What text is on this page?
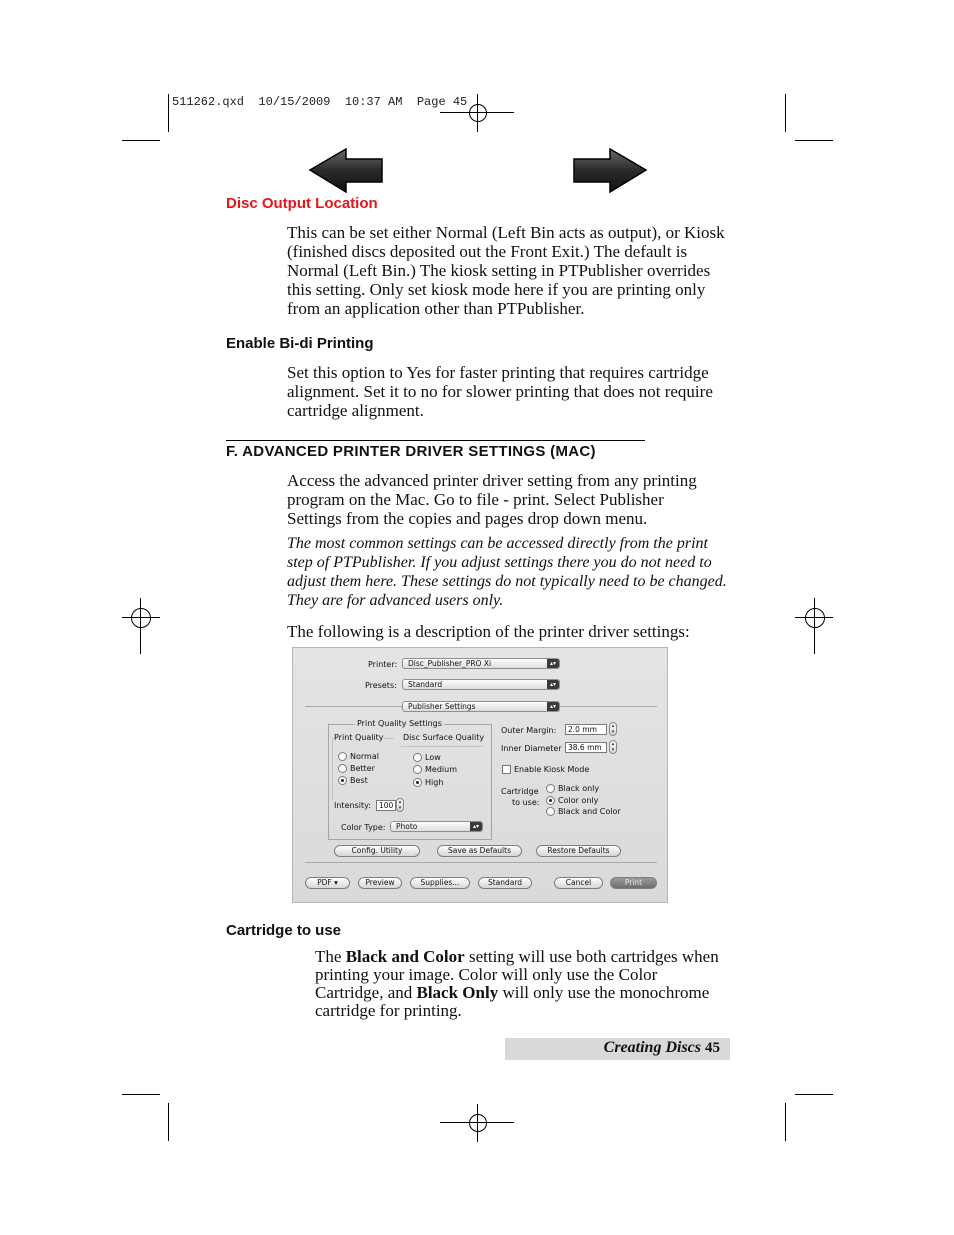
511262.qxd  10/15/2009  10:37 AM  Page 45
Disc Output Location
This can be set either Normal (Left Bin acts as output), or Kiosk
(finished discs deposited out the Front Exit.) The default is
Normal (Left Bin.) The kiosk setting in PTPublisher overrides
this setting. Only set kiosk mode here if you are printing only
from an application other than PTPublisher.
Enable Bi-di Printing
Set this option to Yes for faster printing that requires cartridge
alignment. Set it to no for slower printing that does not require
cartridge alignment.
F. ADVANCED PRINTER DRIVER SETTINGS (MAC)
Access the advanced printer driver setting from any printing
program on the Mac. Go to file - print. Select Publisher
Settings from the copies and pages drop down menu.
The most common settings can be accessed directly from the print
step of PTPublisher. If you adjust settings there you do not need to
adjust them here. These settings do not typically need to be changed.
They are for advanced users only.
The following is a description of the printer driver settings:
Printer:	Disc_Publisher_PRO Xi	▴▾
Presets:	Standard	▴▾
Publisher Settings	▴▾
Print Quality Settings
Print Quality
Normal
Better
Best
Disc Surface Quality
Low
Medium
High
Intensity:	100	▴
▾
Color Type:	Photo	▴▾
Outer Margin:	2.0 mm	▴
▾
Inner Diameter 38.6 mm	▴
▾
Enable Kiosk Mode
Cartridge
to use:
Black only
Color only
Black and Color
Config. Utility	Save as Defaults	Restore Defaults
PDF ▾	Preview	Supplies...	Standard	Cancel	Print
Cartridge to use
The Black and Color setting will use both cartridges when
printing your image. Color will only use the Color
Cartridge, and Black Only will only use the monochrome
cartridge for printing.
Creating Discs 45
